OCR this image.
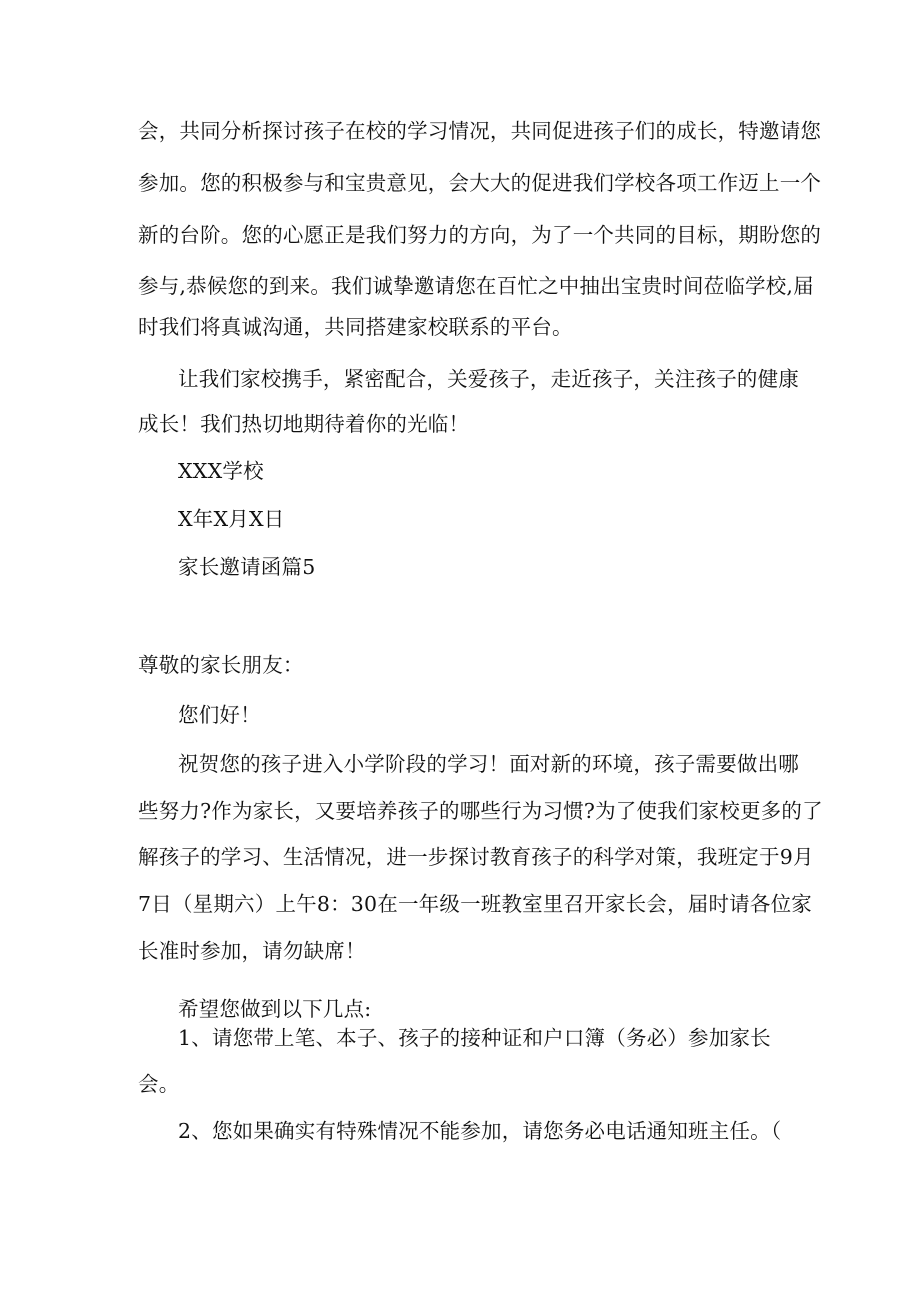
会，共同分析探讨孩子在校的学习情况，共同促进孩子们的成长，特邀请您
参加。您的积极参与和宝贵意见，会大大的促进我们学校各项工作迈上一个
新的台阶。您的心愿正是我们努力的方向，为了一个共同的目标，期盼您的
参与,恭候您的到来。我们诚挚邀请您在百忙之中抽出宝贵时间莅临学校,届
时我们将真诚沟通，共同搭建家校联系的平台。
让我们家校携手，紧密配合，关爱孩子，走近孩子，关注孩子的健康
成长！我们热切地期待着你的光临！
XXX学校
X年X月X日
家长邀请函篇5
尊敬的家长朋友：
您们好！
祝贺您的孩子进入小学阶段的学习！面对新的环境，孩子需要做出哪
些努力?作为家长，又要培养孩子的哪些行为习惯?为了使我们家校更多的了
解孩子的学习、生活情况，进一步探讨教育孩子的科学对策，我班定于9月
7日（星期六）上午8：30在一年级一班教室里召开家长会，届时请各位家
长准时参加，请勿缺席！
希望您做到以下几点:
1、请您带上笔、本子、孩子的接种证和户口簿（务必）参加家长
会。
2、您如果确实有特殊情况不能参加，请您务必电话通知班主任。（
